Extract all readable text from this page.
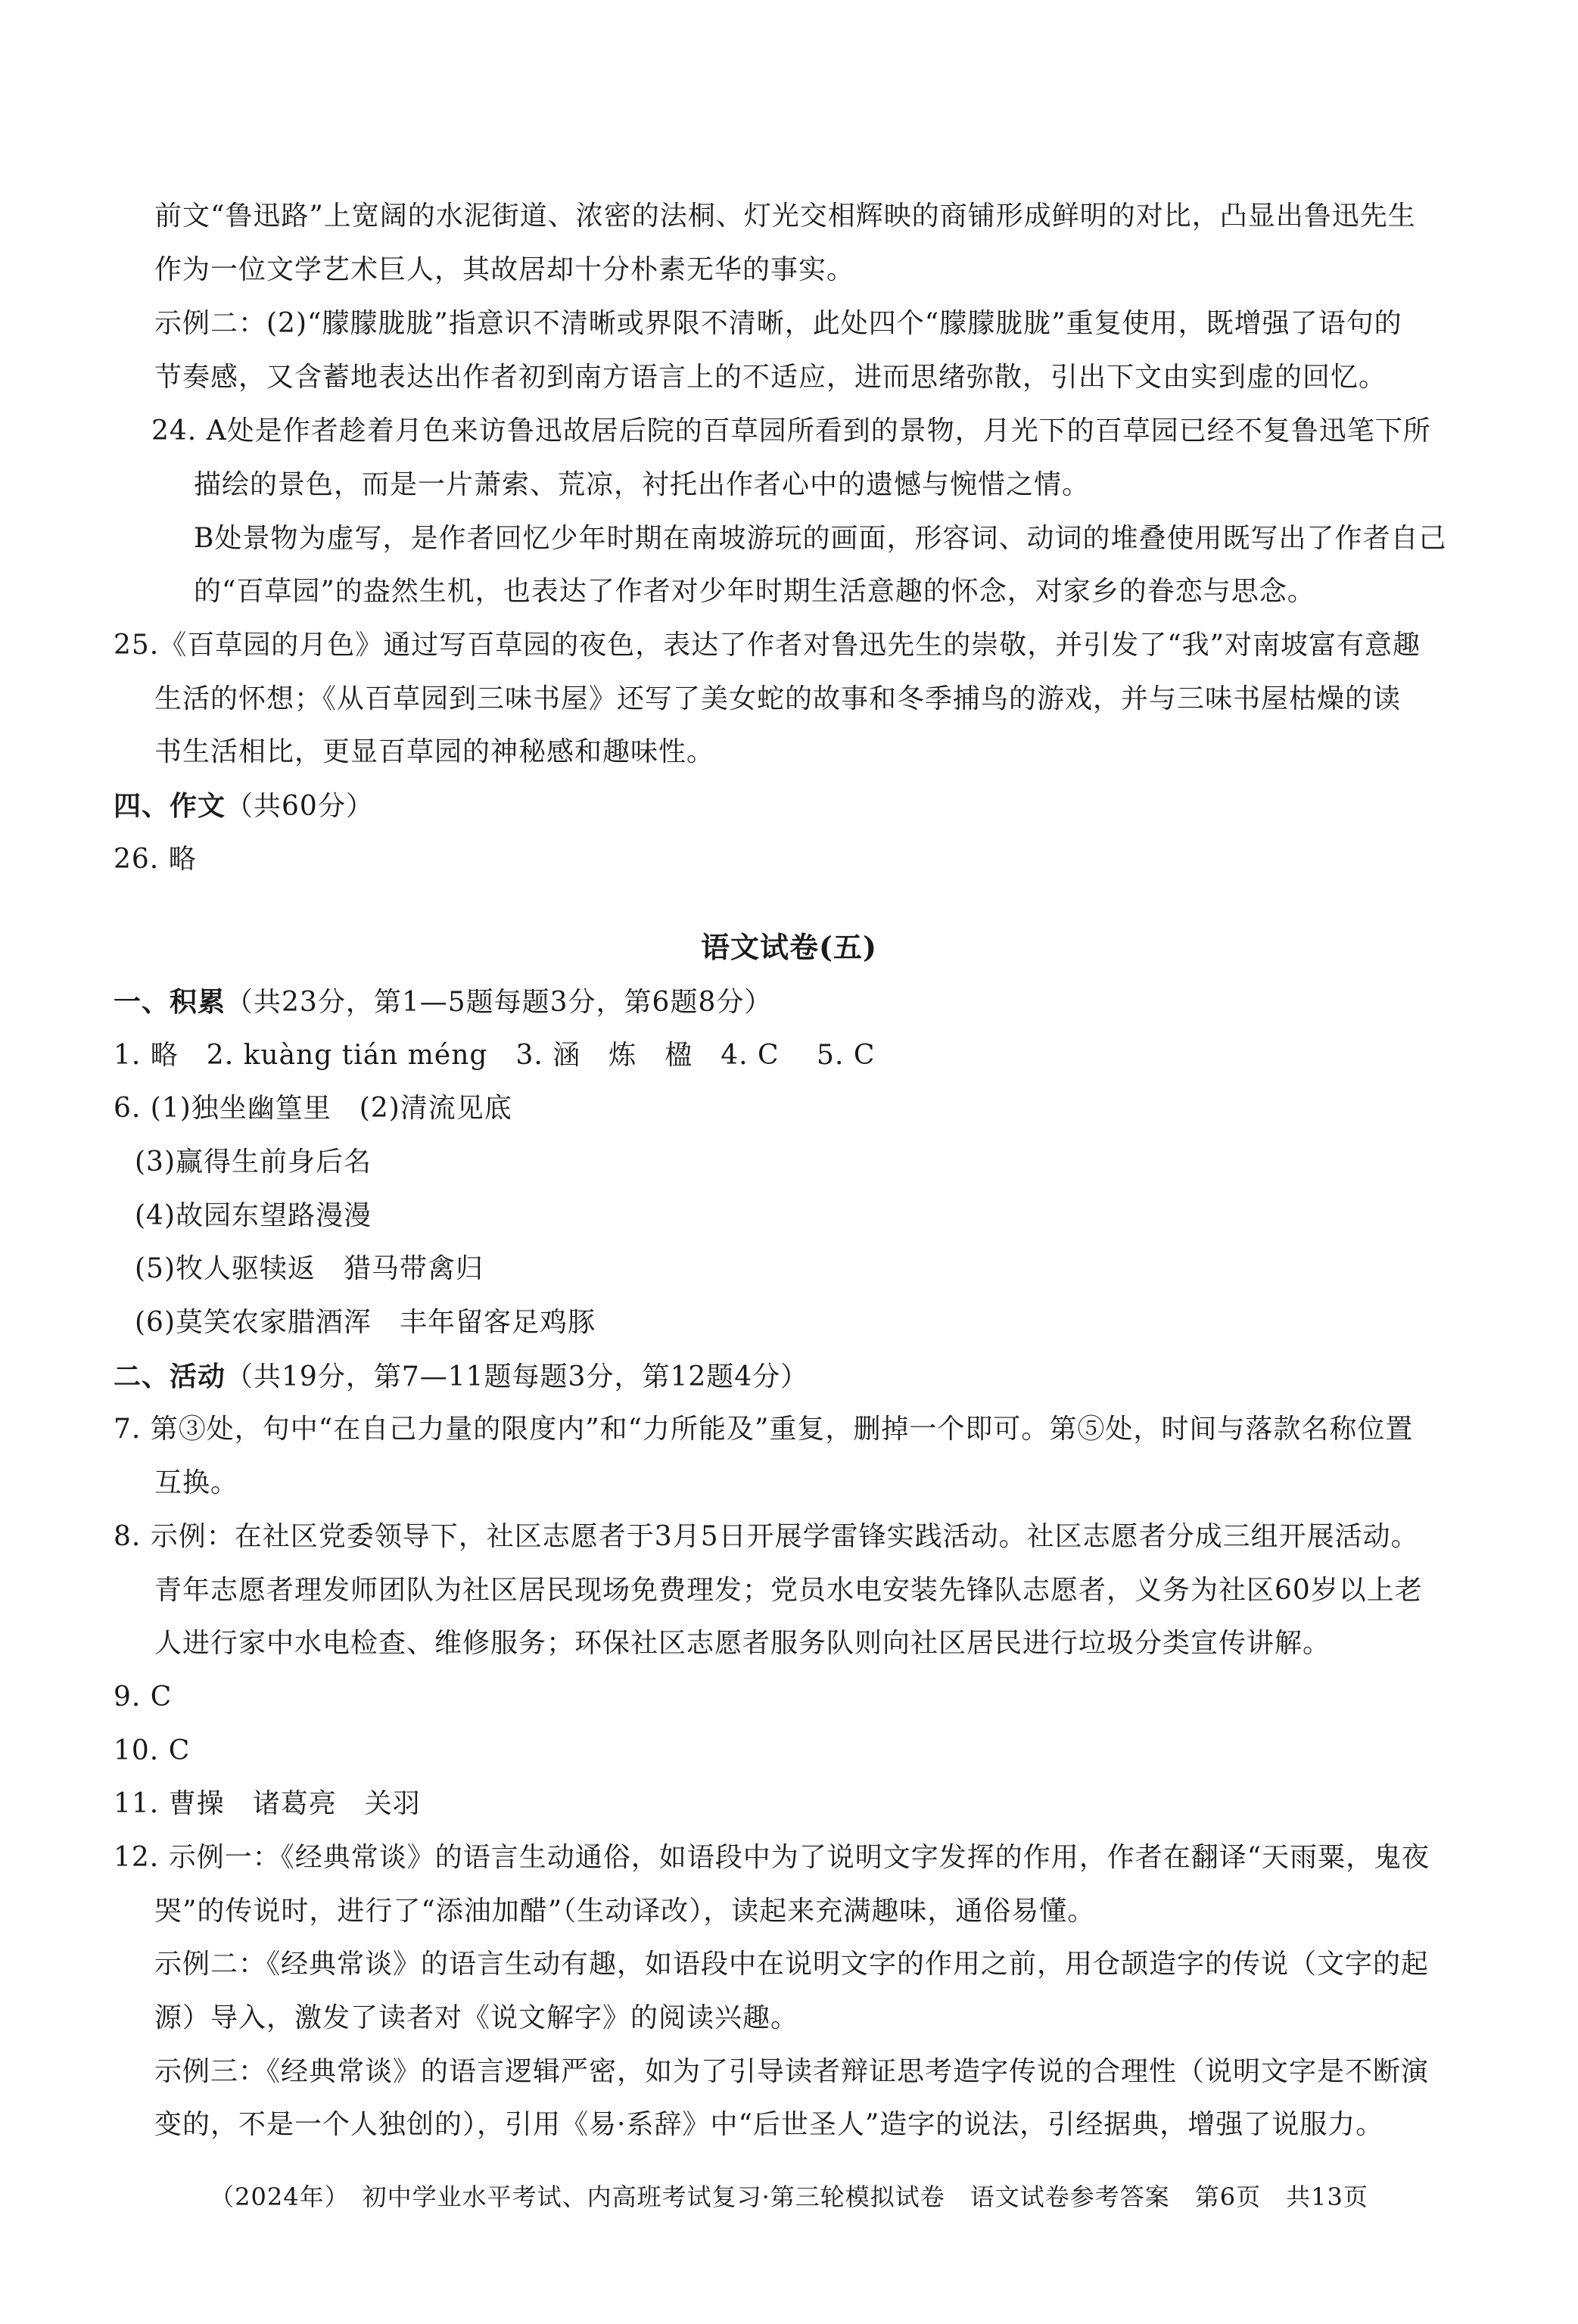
前文“鲁迅路”上宽阔的水泥街道、浓密的法桐、灯光交相辉映的商铺形成鲜明的对比，凸显出鲁迅先生
作为一位文学艺术巨人，其故居却十分朴素无华的事实。
示例二：(2)“朦朦胧胧”指意识不清晰或界限不清晰，此处四个“朦朦胧胧”重复使用，既增强了语句的
节奏感，又含蓄地表达出作者初到南方语言上的不适应，进而思绪弥散，引出下文由实到虚的回忆。
24. A处是作者趁着月色来访鲁迅故居后院的百草园所看到的景物，月光下的百草园已经不复鲁迅笔下所
描绘的景色，而是一片萧索、荒凉，衬托出作者心中的遗憾与惋惜之情。
B处景物为虚写，是作者回忆少年时期在南坡游玩的画面，形容词、动词的堆叠使用既写出了作者自己
的“百草园”的盎然生机，也表达了作者对少年时期生活意趣的怀念，对家乡的眷恋与思念。
25.《百草园的月色》通过写百草园的夜色，表达了作者对鲁迅先生的崇敬，并引发了“我”对南坡富有意趣
生活的怀想；《从百草园到三味书屋》还写了美女蛇的故事和冬季捕鸟的游戏，并与三味书屋枯燥的读
书生活相比，更显百草园的神秘感和趣味性。
四、作文（共60分）
26. 略
语文试卷(五)
一、积累（共23分，第1—5题每题3分，第6题8分）
1. 略　2. kuàng tián méng　3. 涵　炼　楹　4. C　 5. C
6. (1)独坐幽篁里　(2)清流见底
(3)赢得生前身后名
(4)故园东望路漫漫
(5)牧人驱犊返　猎马带禽归
(6)莫笑农家腊酒浑　丰年留客足鸡豚
二、活动（共19分，第7—11题每题3分，第12题4分）
7. 第③处，句中“在自己力量的限度内”和“力所能及”重复，删掉一个即可。第⑤处，时间与落款名称位置
互换。
8. 示例：在社区党委领导下，社区志愿者于3月5日开展学雷锋实践活动。社区志愿者分成三组开展活动。
青年志愿者理发师团队为社区居民现场免费理发；党员水电安装先锋队志愿者，义务为社区60岁以上老
人进行家中水电检查、维修服务；环保社区志愿者服务队则向社区居民进行垃圾分类宣传讲解。
9. C
10. C
11. 曹操　诸葛亮　关羽
12. 示例一：《经典常谈》的语言生动通俗，如语段中为了说明文字发挥的作用，作者在翻译“天雨粟，鬼夜
哭”的传说时，进行了“添油加醋”（生动译改），读起来充满趣味，通俗易懂。
示例二：《经典常谈》的语言生动有趣，如语段中在说明文字的作用之前，用仓颉造字的传说（文字的起
源）导入，激发了读者对《说文解字》的阅读兴趣。
示例三：《经典常谈》的语言逻辑严密，如为了引导读者辩证思考造字传说的合理性（说明文字是不断演
变的，不是一个人独创的），引用《易·系辞》中“后世圣人”造字的说法，引经据典，增强了说服力。
（2024年）　初中学业水平考试、内高班考试复习·第三轮模拟试卷　语文试卷参考答案　第6页　共13页
